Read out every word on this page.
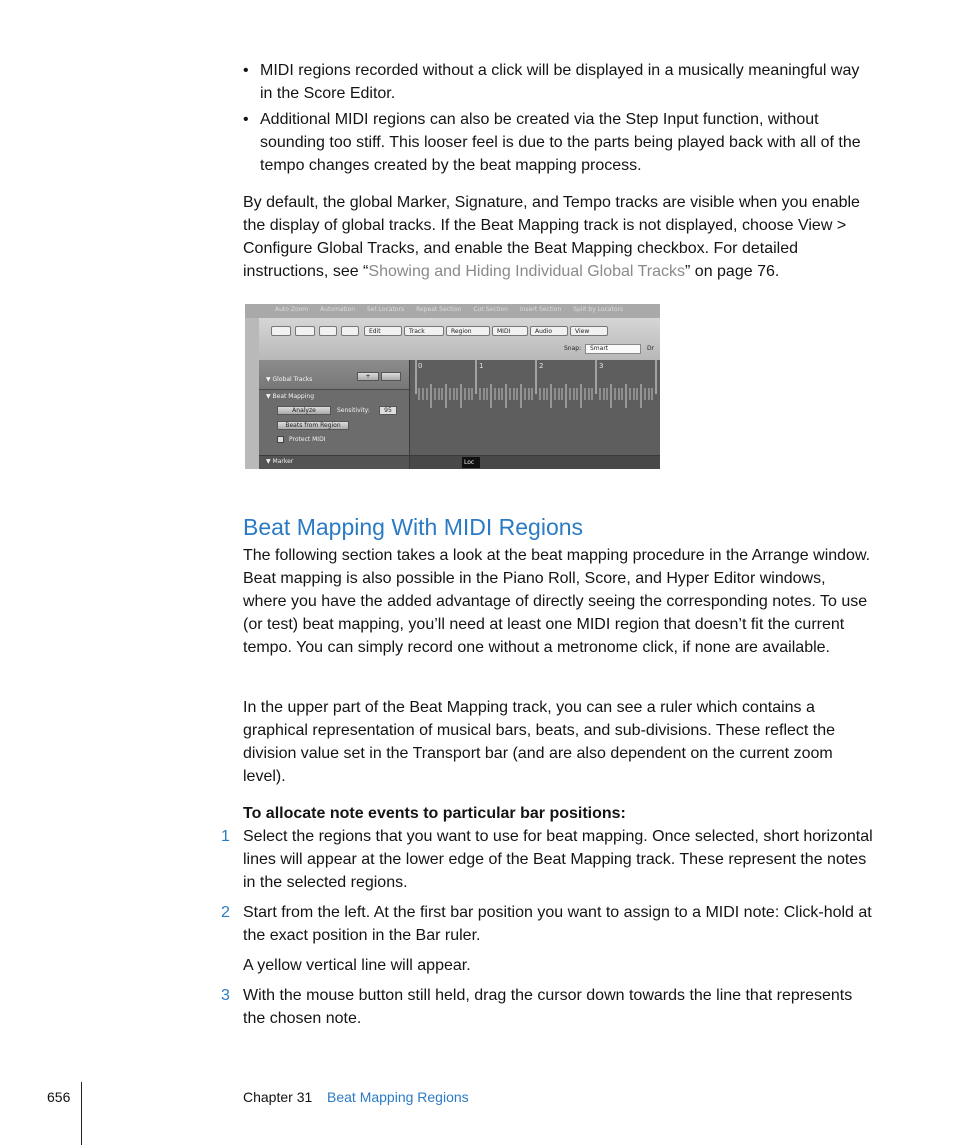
• MIDI regions recorded without a click will be displayed in a musically meaningful way in the Score Editor.
• Additional MIDI regions can also be created via the Step Input function, without sounding too stiff. This looser feel is due to the parts being played back with all of the tempo changes created by the beat mapping process.
By default, the global Marker, Signature, and Tempo tracks are visible when you enable the display of global tracks. If the Beat Mapping track is not displayed, choose View > Configure Global Tracks, and enable the Beat Mapping checkbox. For detailed instructions, see “Showing and Hiding Individual Global Tracks” on page 76.
Auto Zoom Automation Set Locators Repeat Section Cut Section Insert Section Split by Locators
Edit	Track	Region	MIDI	Audio	View
Snap:	Smart	Dr
▼ Global Tracks	+
▼ Beat Mapping
Analyze	Sensitivity:	95
Beats from Region
Protect MIDI
0	1	2	3
▼ Marker	Loc
Beat Mapping With MIDI Regions
The following section takes a look at the beat mapping procedure in the Arrange window. Beat mapping is also possible in the Piano Roll, Score, and Hyper Editor windows, where you have the added advantage of directly seeing the corresponding notes. To use (or test) beat mapping, you’ll need at least one MIDI region that doesn’t fit the current tempo. You can simply record one without a metronome click, if none are available.
In the upper part of the Beat Mapping track, you can see a ruler which contains a graphical representation of musical bars, beats, and sub-divisions. These reflect the division value set in the Transport bar (and are also dependent on the current zoom level).
To allocate note events to particular bar positions:
1 Select the regions that you want to use for beat mapping. Once selected, short horizontal lines will appear at the lower edge of the Beat Mapping track. These represent the notes in the selected regions.
2 Start from the left. At the first bar position you want to assign to a MIDI note: Click-hold at the exact position in the Bar ruler.
A yellow vertical line will appear.
3 With the mouse button still held, drag the cursor down towards the line that represents the chosen note.
656	Chapter 31 Beat Mapping Regions
